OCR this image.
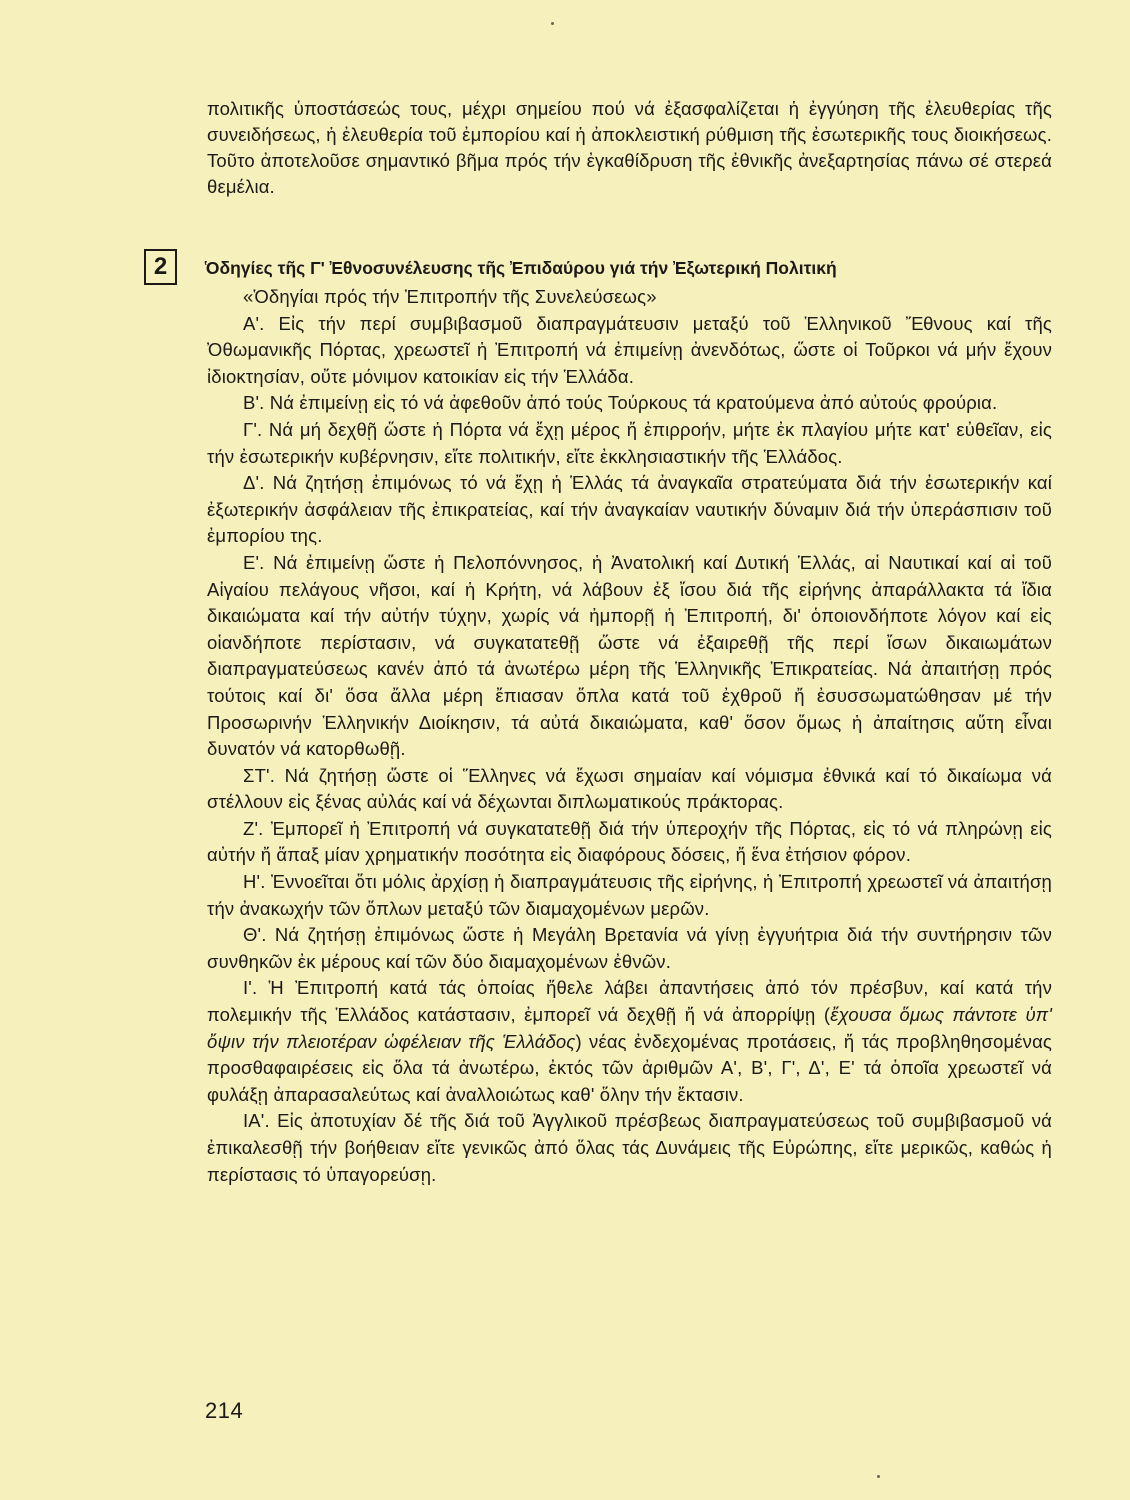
πολιτικῆς ὑποστάσεώς τους, μέχρι σημείου πού νά ἐξασφαλίζεται ἡ ἐγγύηση τῆς ἐλευθερίας τῆς συνειδήσεως, ἡ ἐλευθερία τοῦ ἐμπορίου καί ἡ ἀποκλειστική ρύθμιση τῆς ἐσωτερικῆς τους διοικήσεως. Τοῦτο ἀποτελοῦσε σημαντικό βῆμα πρός τήν ἐγκαθίδρυση τῆς ἐθνικῆς ἀνεξαρτησίας πάνω σέ στερεά θεμέλια.

2	Ὁδηγίες τῆς Γ' Ἐθνοσυνέλευσης τῆς Ἐπιδαύρου γιά τήν Ἐξωτερική Πολιτική

«Ὁδηγίαι πρός τήν Ἐπιτροπήν τῆς Συνελεύσεως»

Α'. Εἰς τήν περί συμβιβασμοῦ διαπραγμάτευσιν μεταξύ τοῦ Ἑλληνικοῦ Ἔθνους καί τῆς Ὀθωμανικῆς Πόρτας, χρεωστεῖ ἡ Ἐπιτροπή νά ἐπιμείνῃ ἀνενδότως, ὥστε οἱ Τοῦρκοι νά μήν ἔχουν ἰδιοκτησίαν, οὔτε μόνιμον κατοικίαν εἰς τήν Ἑλλάδα.

Β'. Νά ἐπιμείνῃ εἰς τό νά ἀφεθοῦν ἀπό τούς Τούρκους τά κρατούμενα ἀπό αὐτούς φρούρια.

Γ'. Νά μή δεχθῇ ὥστε ἡ Πόρτα νά ἔχῃ μέρος ἤ ἐπιρροήν, μήτε ἐκ πλαγίου μήτε κατ' εὐθεῖαν, εἰς τήν ἐσωτερικήν κυβέρνησιν, εἴτε πολιτικήν, εἴτε ἐκκλησιαστικήν τῆς Ἑλλάδος.

Δ'. Νά ζητήσῃ ἐπιμόνως τό νά ἔχῃ ἡ Ἑλλάς τά ἀναγκαῖα στρατεύματα διά τήν ἐσωτερικήν καί ἐξωτερικήν ἀσφάλειαν τῆς ἐπικρατείας, καί τήν ἀναγκαίαν ναυτικήν δύναμιν διά τήν ὑπεράσπισιν τοῦ ἐμπορίου της.

Ε'. Νά ἐπιμείνῃ ὥστε ἡ Πελοπόννησος, ἡ Ἀνατολική καί Δυτική Ἑλλάς, αἱ Ναυτικαί καί αἱ τοῦ Αἰγαίου πελάγους νῆσοι, καί ἡ Κρήτη, νά λάβουν ἐξ ἴσου διά τῆς εἰρήνης ἀπαράλλακτα τά ἴδια δικαιώματα καί τήν αὐτήν τύχην, χωρίς νά ἠμπορῇ ἡ Ἐπιτροπή, δι' ὁποιονδήποτε λόγον καί εἰς οἱανδήποτε περίστασιν, νά συγκατατεθῇ ὥστε νά ἐξαιρεθῇ τῆς περί ἴσων δικαιωμάτων διαπραγματεύσεως κανέν ἀπό τά ἀνωτέρω μέρη τῆς Ἑλληνικῆς Ἐπικρατείας. Νά ἀπαιτήσῃ πρός τούτοις καί δι' ὅσα ἄλλα μέρη ἔπιασαν ὅπλα κατά τοῦ ἐχθροῦ ἤ ἐσυσσωματώθησαν μέ τήν Προσωρινήν Ἑλληνικήν Διοίκησιν, τά αὐτά δικαιώματα, καθ' ὅσον ὅμως ἡ ἀπαίτησις αὕτη εἶναι δυνατόν νά κατορθωθῇ.

ΣΤ'. Νά ζητήσῃ ὥστε οἱ Ἕλληνες νά ἔχωσι σημαίαν καί νόμισμα ἐθνικά καί τό δικαίωμα νά στέλλουν εἰς ξένας αὐλάς καί νά δέχωνται διπλωματικούς πράκτορας.

Ζ'. Ἐμπορεῖ ἡ Ἐπιτροπή νά συγκατατεθῇ διά τήν ὑπεροχήν τῆς Πόρτας, εἰς τό νά πληρώνῃ εἰς αὐτήν ἤ ἅπαξ μίαν χρηματικήν ποσότητα εἰς διαφόρους δόσεις, ἤ ἕνα ἐτήσιον φόρον.

Η'. Ἐννοεῖται ὅτι μόλις ἀρχίσῃ ἡ διαπραγμάτευσις τῆς εἰρήνης, ἡ Ἐπιτροπή χρεωστεῖ νά ἀπαιτήσῃ τήν ἀνακωχήν τῶν ὅπλων μεταξύ τῶν διαμαχομένων μερῶν.

Θ'. Νά ζητήσῃ ἐπιμόνως ὥστε ἡ Μεγάλη Βρετανία νά γίνῃ ἐγγυήτρια διά τήν συντήρησιν τῶν συνθηκῶν ἐκ μέρους καί τῶν δύο διαμαχομένων ἐθνῶν.

Ι'. Ἡ Ἐπιτροπή κατά τάς ὁποίας ἤθελε λάβει ἀπαντήσεις ἀπό τόν πρέσβυν, καί κατά τήν πολεμικήν τῆς Ἑλλάδος κατάστασιν, ἐμπορεῖ νά δεχθῇ ἤ νά ἀπορρίψῃ (ἔχουσα ὅμως πάντοτε ὑπ' ὄψιν τήν πλειοτέραν ὠφέλειαν τῆς Ἑλλάδος) νέας ἐνδεχομένας προτάσεις, ἤ τάς προβληθησομένας προσθαφαιρέσεις εἰς ὅλα τά ἀνωτέρω, ἐκτός τῶν ἀριθμῶν Α', Β', Γ', Δ', Ε' τά ὁποῖα χρεωστεῖ νά φυλάξῃ ἀπαρασαλεύτως καί ἀναλλοιώτως καθ' ὅλην τήν ἔκτασιν.

ΙΑ'. Εἰς ἀποτυχίαν δέ τῆς διά τοῦ Ἀγγλικοῦ πρέσβεως διαπραγματεύσεως τοῦ συμβιβασμοῦ νά ἐπικαλεσθῇ τήν βοήθειαν εἴτε γενικῶς ἀπό ὅλας τάς Δυνάμεις τῆς Εὐρώπης, εἴτε μερικῶς, καθώς ἡ περίστασις τό ὑπαγορεύσῃ.

214
